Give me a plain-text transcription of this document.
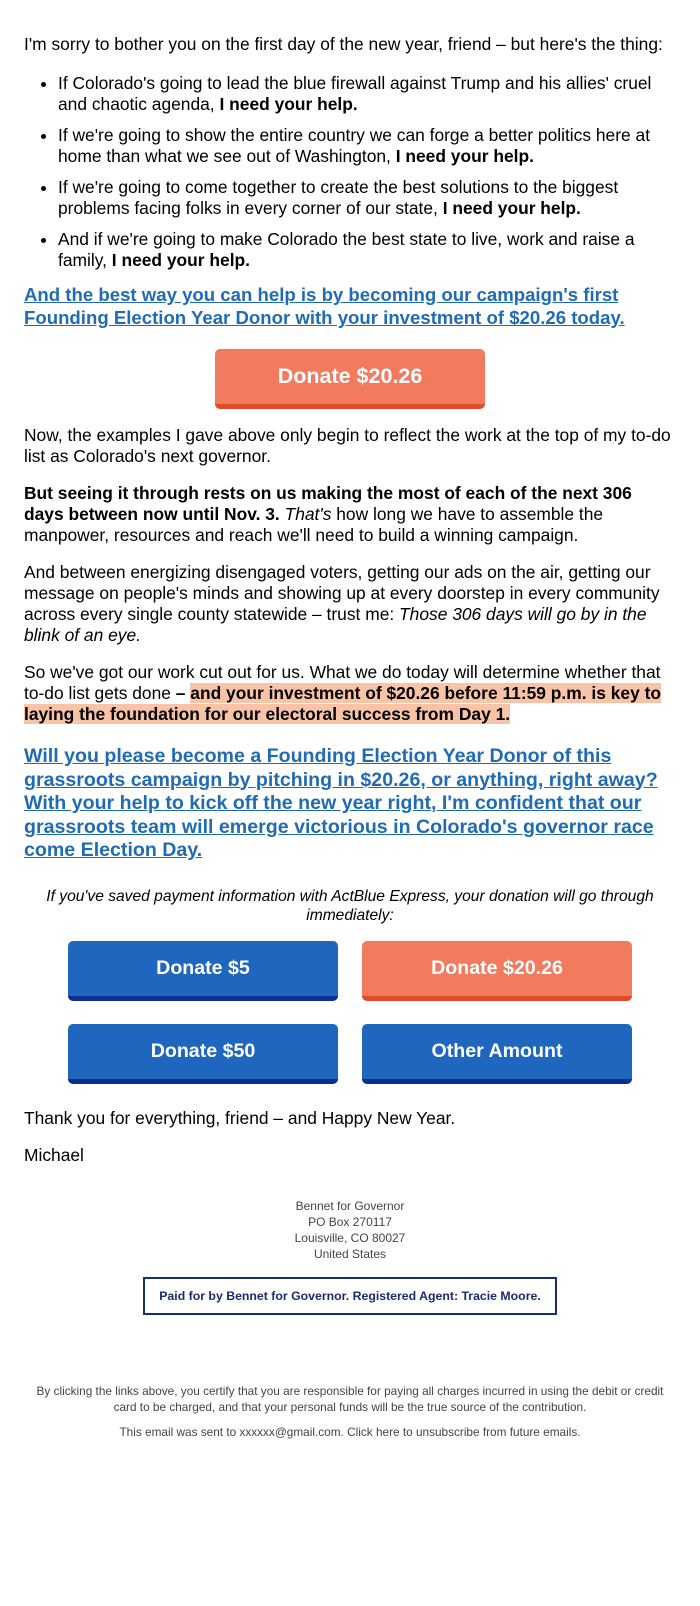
I'm sorry to bother you on the first day of the new year, friend – but here's the thing:

• If Colorado's going to lead the blue firewall against Trump and his allies' cruel and chaotic agenda, I need your help.
• If we're going to show the entire country we can forge a better politics here at home than what we see out of Washington, I need your help.
• If we're going to come together to create the best solutions to the biggest problems facing folks in every corner of our state, I need your help.
• And if we're going to make Colorado the best state to live, work and raise a family, I need your help.
And the best way you can help is by becoming our campaign's first Founding Election Year Donor with your investment of $20.26 today.
Donate $20.26

Now, the examples I gave above only begin to reflect the work at the top of my to-do list as Colorado's next governor.

But seeing it through rests on us making the most of each of the next 306 days between now until Nov. 3. That's how long we have to assemble the manpower, resources and reach we'll need to build a winning campaign.

And between energizing disengaged voters, getting our ads on the air, getting our message on people's minds and showing up at every doorstep in every community across every single county statewide – trust me: Those 306 days will go by in the blink of an eye.

So we've got our work cut out for us. What we do today will determine whether that to-do list gets done – and your investment of $20.26 before 11:59 p.m. is key to laying the foundation for our electoral success from Day 1.

Will you please become a Founding Election Year Donor of this grassroots campaign by pitching in $20.26, or anything, right away? With your help to kick off the new year right, I'm confident that our grassroots team will emerge victorious in Colorado's governor race come Election Day.
If you've saved payment information with ActBlue Express, your donation will go through immediately:
Donate $5	Donate $20.26
Donate $50	Other Amount

Thank you for everything, friend – and Happy New Year.

Michael

Bennet for Governor
PO Box 270117
Louisville, CO 80027
United States
Paid for by Bennet for Governor. Registered Agent: Tracie Moore.
By clicking the links above, you certify that you are responsible for paying all charges incurred in using the debit or credit card to be charged, and that your personal funds will be the true source of the contribution.
This email was sent to xxxxxx@gmail.com. Click here to unsubscribe from future emails.
